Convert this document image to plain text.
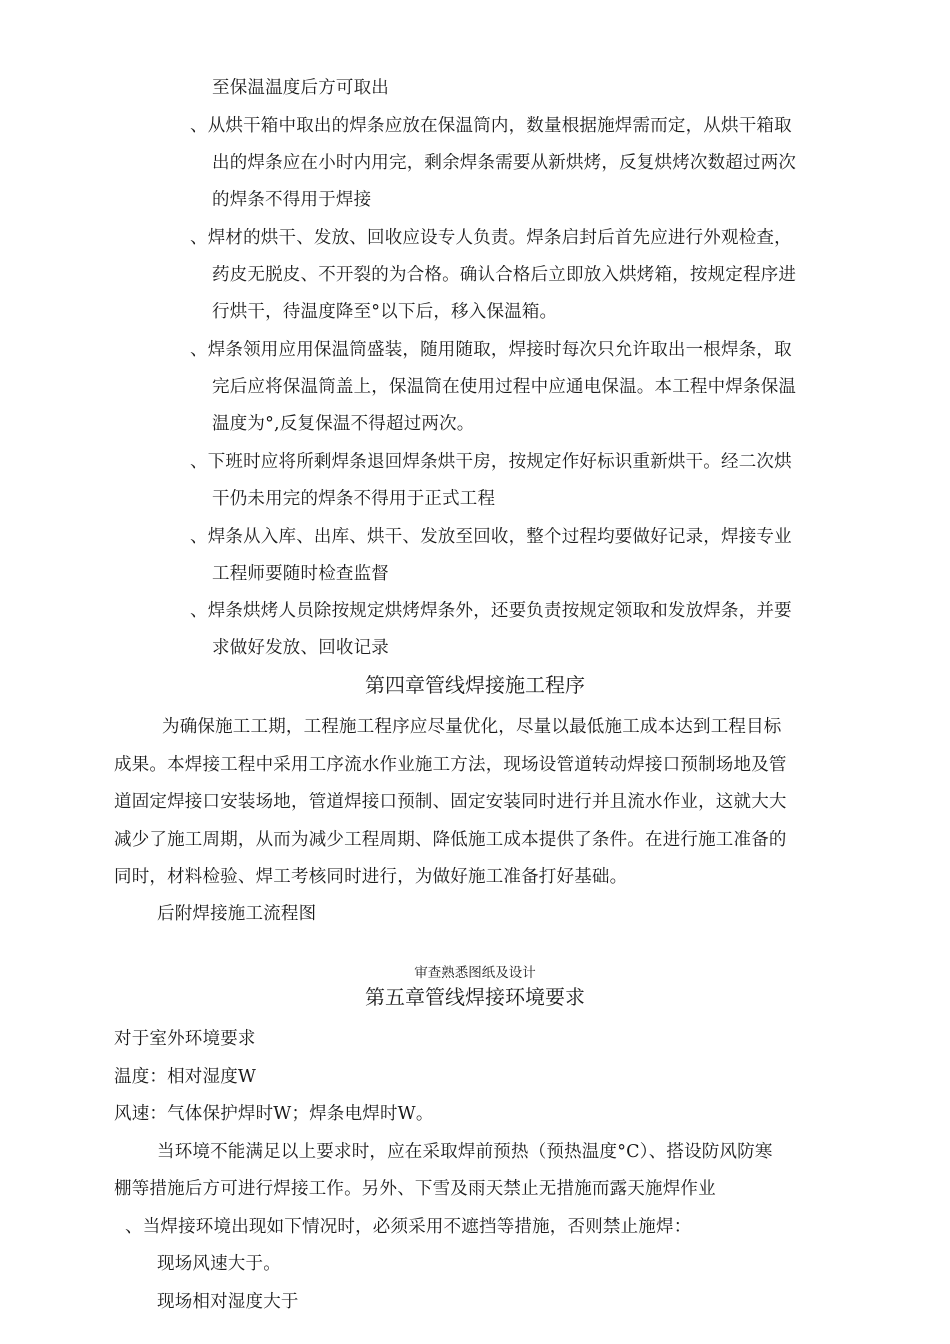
至保温温度后方可取出
、从烘干箱中取出的焊条应放在保温筒内，数量根据施焊需而定，从烘干箱取
出的焊条应在小时内用完，剩余焊条需要从新烘烤，反复烘烤次数超过两次
的焊条不得用于焊接
、焊材的烘干、发放、回收应设专人负责。焊条启封后首先应进行外观检查，
药皮无脱皮、不开裂的为合格。确认合格后立即放入烘烤箱，按规定程序进
行烘干，待温度降至°以下后，移入保温箱。
、焊条领用应用保温筒盛装，随用随取，焊接时每次只允许取出一根焊条，取
完后应将保温筒盖上，保温筒在使用过程中应通电保温。本工程中焊条保温
温度为°,反复保温不得超过两次。
、下班时应将所剩焊条退回焊条烘干房，按规定作好标识重新烘干。经二次烘
干仍未用完的焊条不得用于正式工程
、焊条从入库、出库、烘干、发放至回收，整个过程均要做好记录，焊接专业
工程师要随时检查监督
、焊条烘烤人员除按规定烘烤焊条外，还要负责按规定领取和发放焊条，并要
求做好发放、回收记录
第四章管线焊接施工程序
为确保施工工期，工程施工程序应尽量优化，尽量以最低施工成本达到工程目标
成果。本焊接工程中采用工序流水作业施工方法，现场设管道转动焊接口预制场地及管
道固定焊接口安装场地，管道焊接口预制、固定安装同时进行并且流水作业，这就大大
减少了施工周期，从而为减少工程周期、降低施工成本提供了条件。在进行施工准备的
同时，材料检验、焊工考核同时进行，为做好施工准备打好基础。
后附焊接施工流程图
审查熟悉图纸及设计
第五章管线焊接环境要求
对于室外环境要求
温度：相对湿度W
风速：气体保护焊时W；焊条电焊时W。
当环境不能满足以上要求时，应在采取焊前预热（预热温度°C）、搭设防风防寒
棚等措施后方可进行焊接工作。另外、下雪及雨天禁止无措施而露天施焊作业
、当焊接环境出现如下情况时，必须采用不遮挡等措施，否则禁止施焊：
现场风速大于。
现场相对湿度大于
